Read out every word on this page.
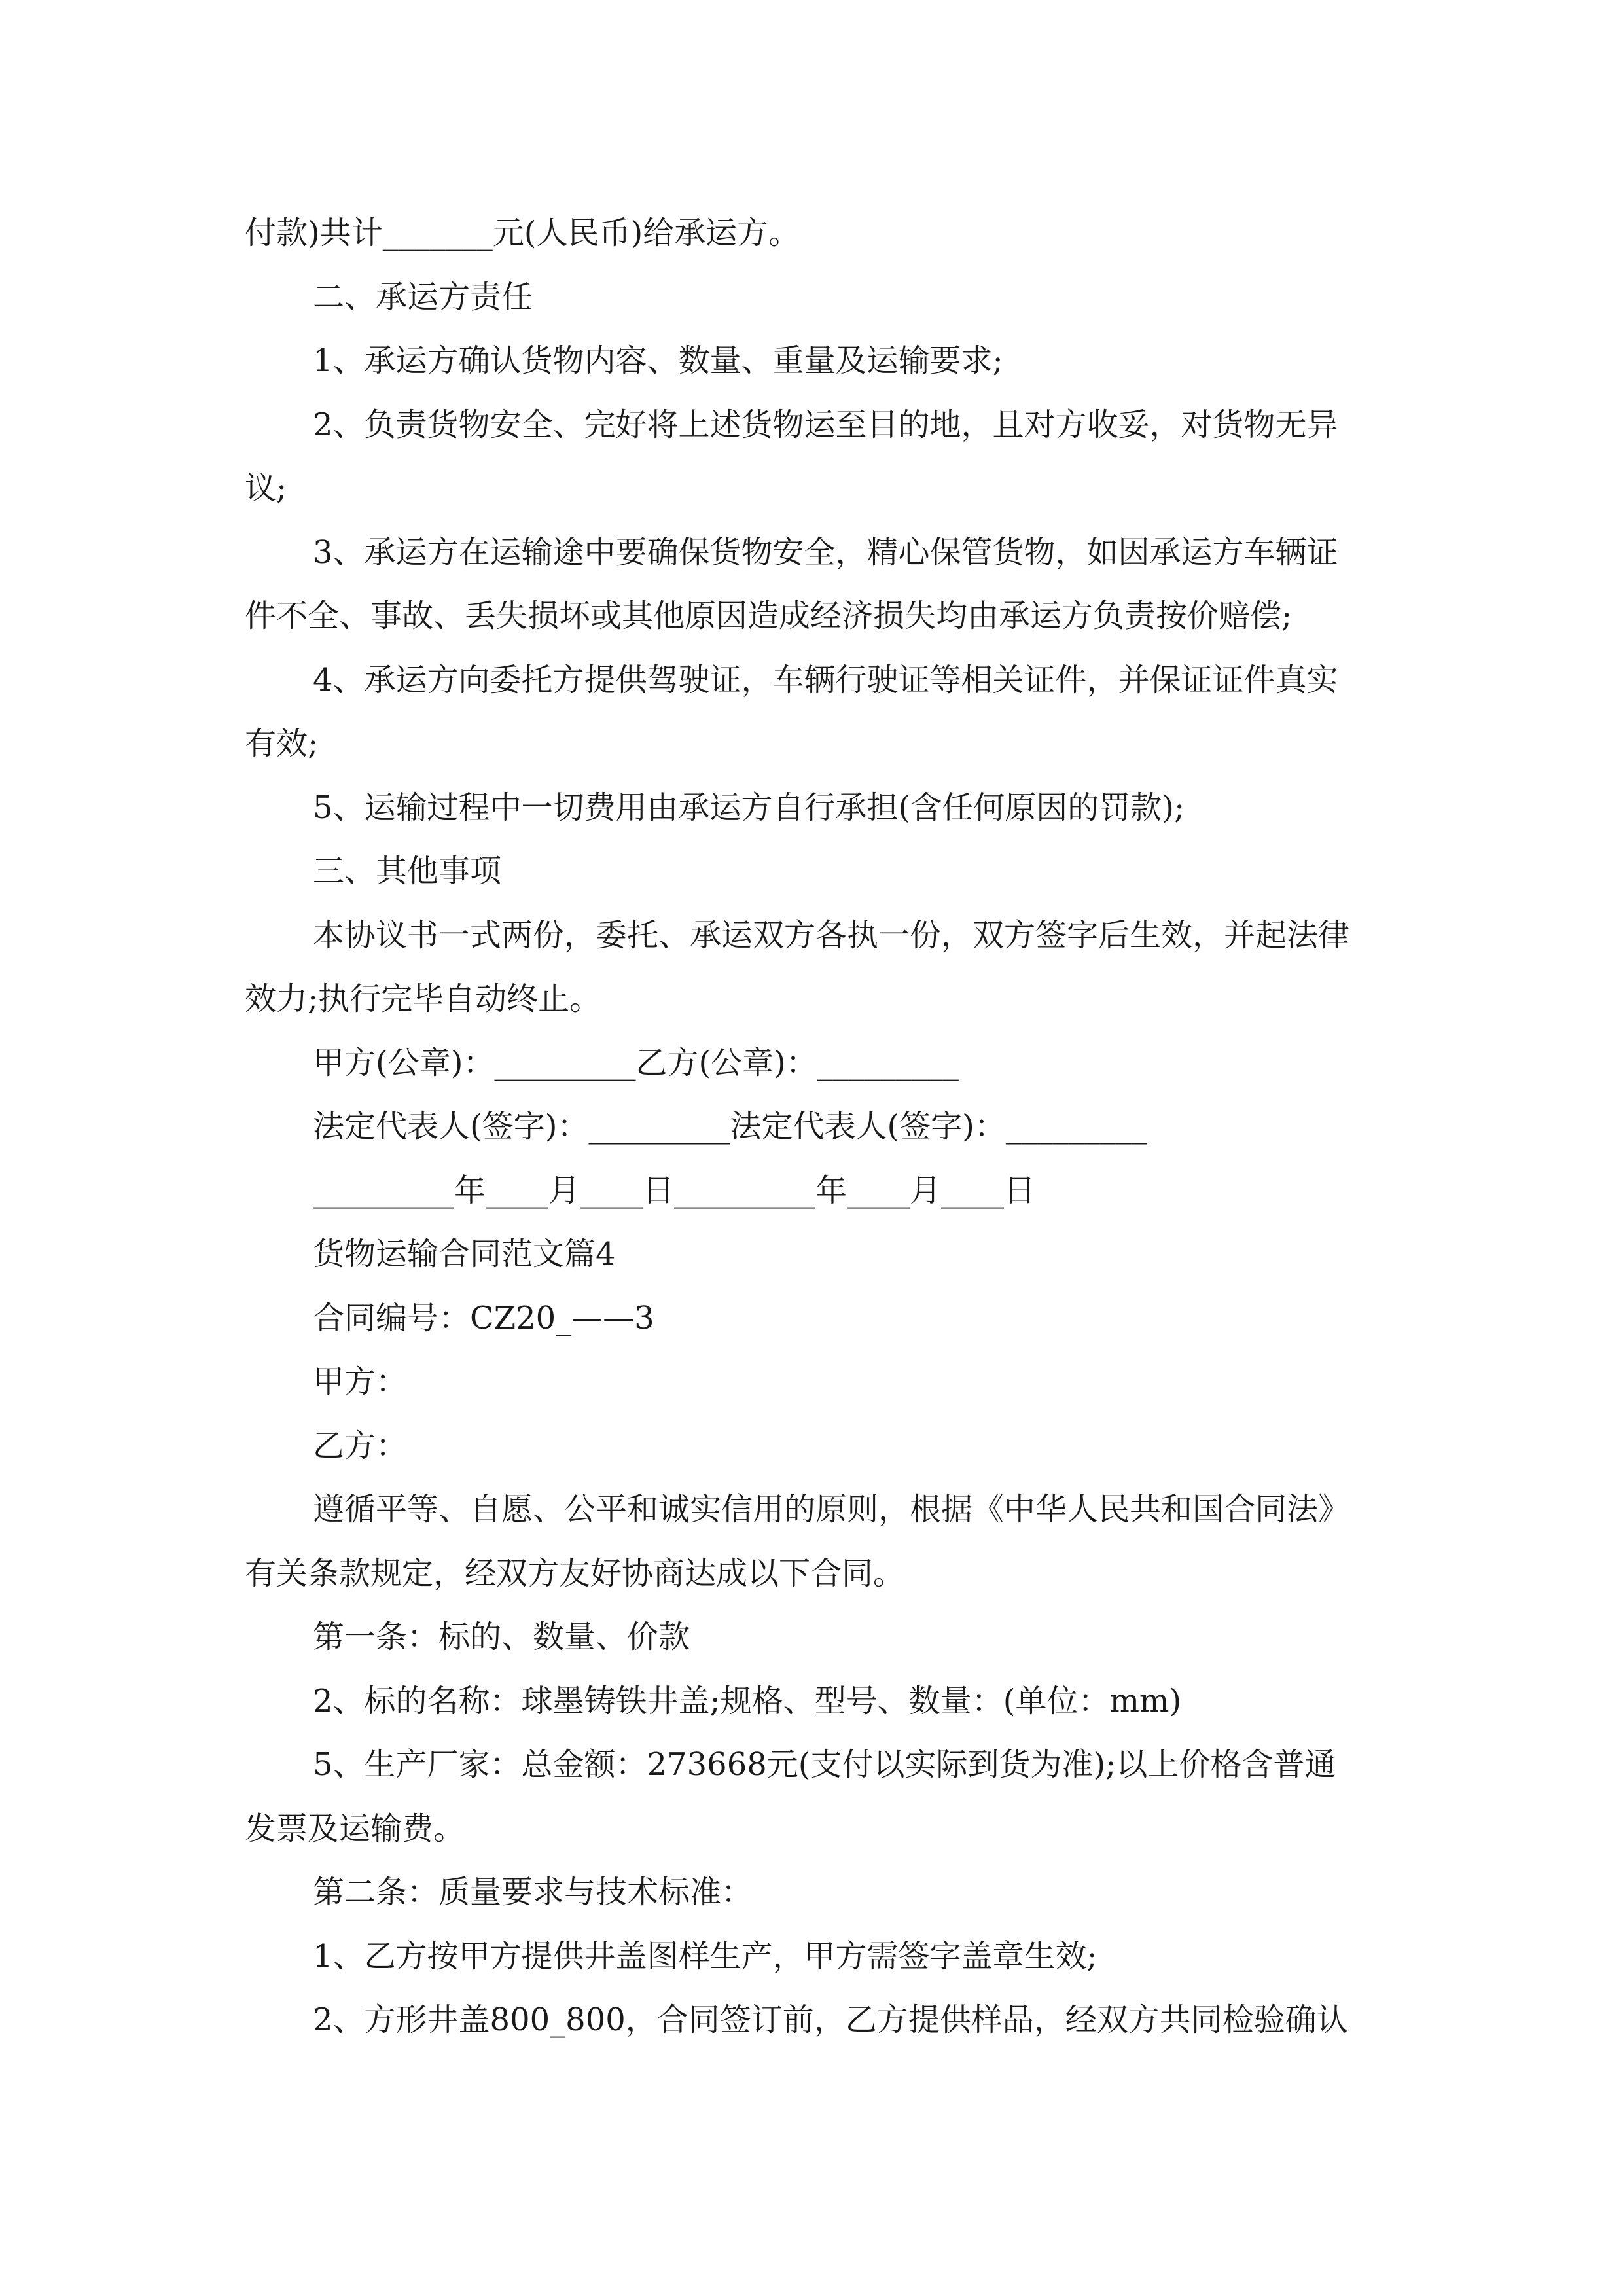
付款)共计_______元(人民币)给承运方。
二、承运方责任
1、承运方确认货物内容、数量、重量及运输要求;
2、负责货物安全、完好将上述货物运至目的地，且对方收妥，对货物无异
议;
3、承运方在运输途中要确保货物安全，精心保管货物，如因承运方车辆证
件不全、事故、丢失损坏或其他原因造成经济损失均由承运方负责按价赔偿;
4、承运方向委托方提供驾驶证，车辆行驶证等相关证件，并保证证件真实
有效;
5、运输过程中一切费用由承运方自行承担(含任何原因的罚款);
三、其他事项
本协议书一式两份，委托、承运双方各执一份，双方签字后生效，并起法律
效力;执行完毕自动终止。
甲方(公章)：_________乙方(公章)：_________
法定代表人(签字)：_________法定代表人(签字)：_________
_________年____月____日_________年____月____日
货物运输合同范文篇4
合同编号：CZ20_——3
甲方：
乙方：
遵循平等、自愿、公平和诚实信用的原则，根据《中华人民共和国合同法》
有关条款规定，经双方友好协商达成以下合同。
第一条：标的、数量、价款
2、标的名称：球墨铸铁井盖;规格、型号、数量：(单位：mm)
5、生产厂家：总金额：273668元(支付以实际到货为准);以上价格含普通
发票及运输费。
第二条：质量要求与技术标准：
1、乙方按甲方提供井盖图样生产，甲方需签字盖章生效;
2、方形井盖800_800，合同签订前，乙方提供样品，经双方共同检验确认
